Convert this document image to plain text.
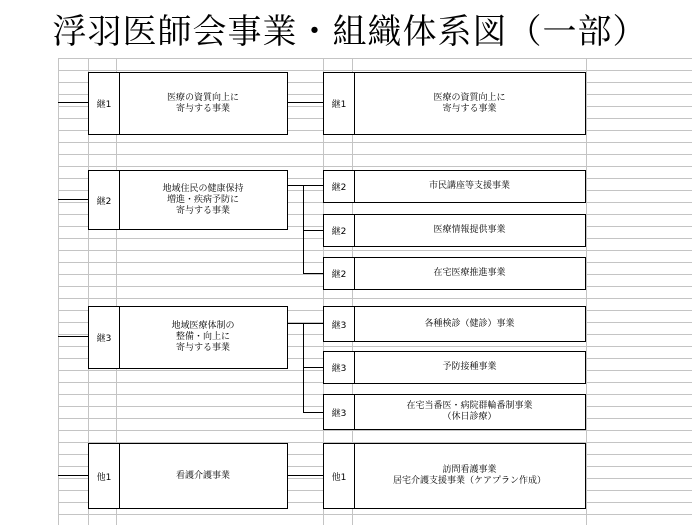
浮羽医師会事業・組織体系図（一部）
継1
医療の資質向上に
寄与する事業
継2
地域住民の健康保持
増進・疾病予防に
寄与する事業
継3
地域医療体制の
整備・向上に
寄与する事業
他1	看護介護事業
継1
医療の資質向上に
寄与する事業
継2	市民講座等支援事業
継2	医療情報提供事業
継2	在宅医療推進事業
継3	各種検診（健診）事業
継3	予防接種事業
継3
在宅当番医・病院群輪番制事業
（休日診療）
他1
訪問看護事業
居宅介護支援事業（ケアプラン作成）
